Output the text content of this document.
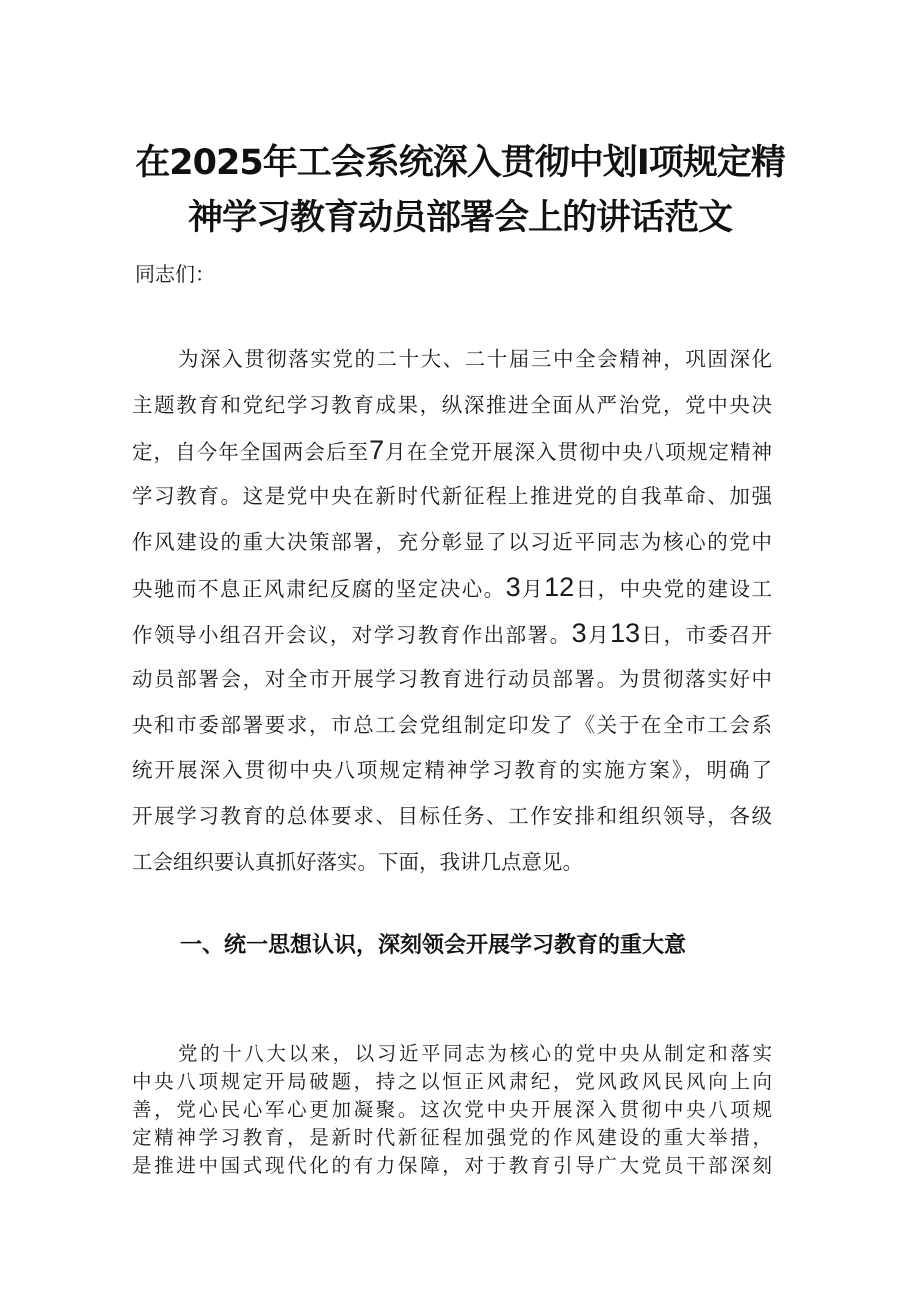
在2025年工会系统深入贯彻中划I项规定精
神学习教育动员部署会上的讲话范文

同志们：

为深入贯彻落实党的二十大、二十届三中全会精神，巩固深化
主题教育和党纪学习教育成果，纵深推进全面从严治党，党中央决
定，自今年全国两会后至7月在全党开展深入贯彻中央八项规定精神
学习教育。这是党中央在新时代新征程上推进党的自我革命、加强
作风建设的重大决策部署，充分彰显了以习近平同志为核心的党中
央驰而不息正风肃纪反腐的坚定决心。3月12日，中央党的建设工
作领导小组召开会议，对学习教育作出部署。3月13日，市委召开
动员部署会，对全市开展学习教育进行动员部署。为贯彻落实好中
央和市委部署要求，市总工会党组制定印发了《关于在全市工会系
统开展深入贯彻中央八项规定精神学习教育的实施方案》，明确了
开展学习教育的总体要求、目标任务、工作安排和组织领导，各级
工会组织要认真抓好落实。下面，我讲几点意见。
一、统一思想认识，深刻领会开展学习教育的重大意
党的十八大以来，以习近平同志为核心的党中央从制定和落实
中央八项规定开局破题，持之以恒正风肃纪，党风政风民风向上向
善，党心民心军心更加凝聚。这次党中央开展深入贯彻中央八项规
定精神学习教育，是新时代新征程加强党的作风建设的重大举措，
是推进中国式现代化的有力保障，对于教育引导广大党员干部深刻
